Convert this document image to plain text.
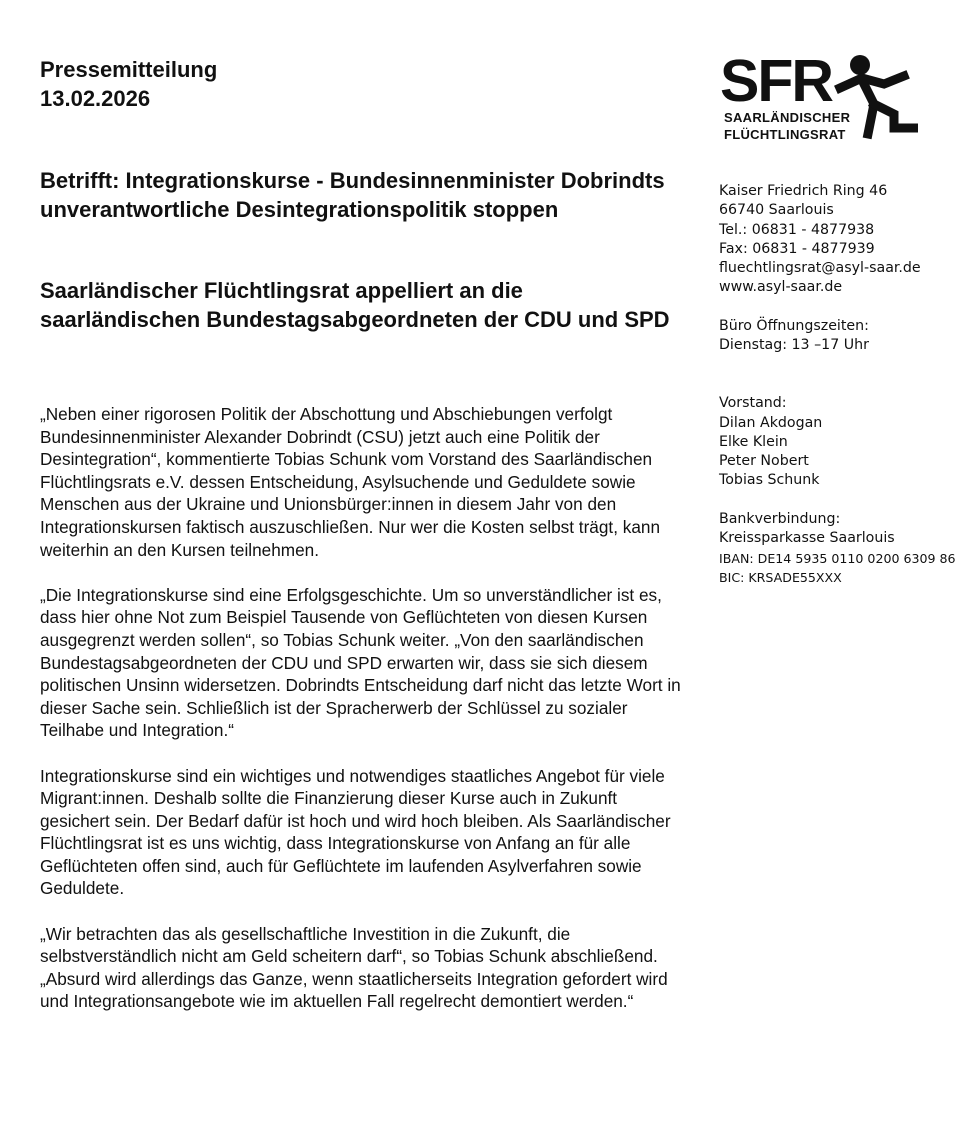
Pressemitteilung
13.02.2026	SFR
SAARLÄNDISCHER
FLÜCHTLINGSRAT
Betrifft: Integrationskurse - Bundesinnenminister Dobrindts unverantwortliche Desintegrationspolitik stoppen
Saarländischer Flüchtlingsrat appelliert an die saarländischen Bundestagsabgeordneten der CDU und SPD

„Neben einer rigorosen Politik der Abschottung und Abschiebungen verfolgt Bundesinnenminister Alexander Dobrindt (CSU) jetzt auch eine Politik der Desintegration“, kommentierte Tobias Schunk vom Vorstand des Saarländischen Flüchtlingsrats e.V. dessen Entscheidung, Asylsuchende und Geduldete sowie Menschen aus der Ukraine und Unionsbürger:innen in diesem Jahr von den Integrationskursen faktisch auszuschließen. Nur wer die Kosten selbst trägt, kann weiterhin an den Kursen teilnehmen.

„Die Integrationskurse sind eine Erfolgsgeschichte. Um so unverständlicher ist es, dass hier ohne Not zum Beispiel Tausende von Geflüchteten von diesen Kursen ausgegrenzt werden sollen“, so Tobias Schunk weiter. „Von den saarländischen Bundestagsabgeordneten der CDU und SPD erwarten wir, dass sie sich diesem politischen Unsinn widersetzen. Dobrindts Entscheidung darf nicht das letzte Wort in dieser Sache sein. Schließlich ist der Spracherwerb der Schlüssel zu sozialer Teilhabe und Integration.“

Integrationskurse sind ein wichtiges und notwendiges staatliches Angebot für viele Migrant:innen. Deshalb sollte die Finanzierung dieser Kurse auch in Zukunft gesichert sein. Der Bedarf dafür ist hoch und wird hoch bleiben. Als Saarländischer Flüchtlingsrat ist es uns wichtig, dass Integrationskurse von Anfang an für alle Geflüchteten offen sind, auch für Geflüchtete im laufenden Asylverfahren sowie Geduldete.

„Wir betrachten das als gesellschaftliche Investition in die Zukunft, die selbstverständlich nicht am Geld scheitern darf“, so Tobias Schunk abschließend. „Absurd wird allerdings das Ganze, wenn staatlicherseits Integration gefordert wird und Integrationsangebote wie im aktuellen Fall regelrecht demontiert werden.“

Kaiser Friedrich Ring 46
66740 Saarlouis
Tel.: 06831 - 4877938
Fax: 06831 - 4877939
fluechtlingsrat@asyl-saar.de
www.asyl-saar.de
Büro Öffnungszeiten:
Dienstag: 13 –17 Uhr
Vorstand:
Dilan Akdogan
Elke Klein
Peter Nobert
Tobias Schunk
Bankverbindung:
Kreissparkasse Saarlouis
IBAN: DE14 5935 0110 0200 6309 86
BIC: KRSADE55XXX
